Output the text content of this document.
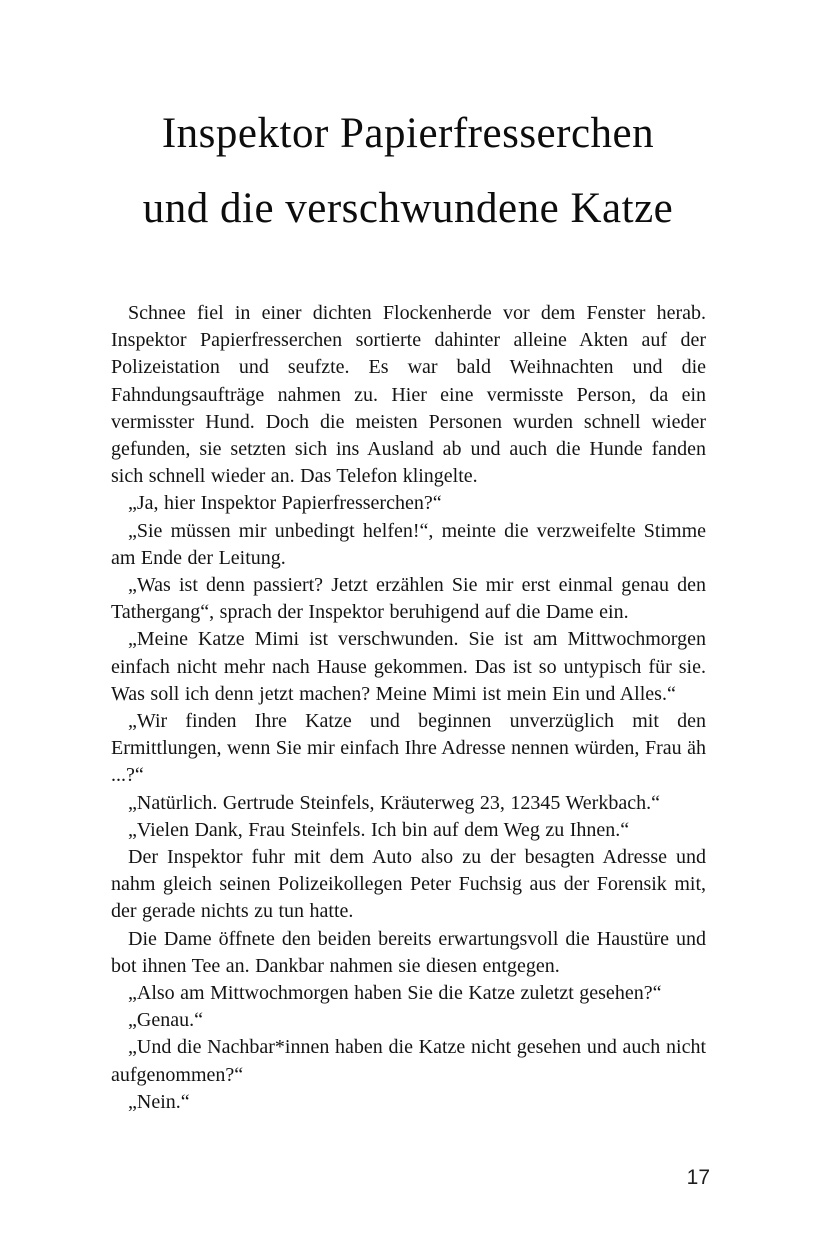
Inspektor Papierfresserchen
und die verschwundene Katze

Schnee fiel in einer dichten Flockenherde vor dem Fenster herab. Inspektor Papierfresserchen sortierte dahinter alleine Akten auf der Polizeistation und seufzte. Es war bald Weihnachten und die Fahndungsaufträge nahmen zu. Hier eine vermisste Person, da ein vermisster Hund. Doch die meisten Personen wurden schnell wieder gefunden, sie setzten sich ins Ausland ab und auch die Hunde fanden sich schnell wieder an. Das Telefon klingelte.

„Ja, hier Inspektor Papierfresserchen?“

„Sie müssen mir unbedingt helfen!“, meinte die verzweifelte Stimme am Ende der Leitung.

„Was ist denn passiert? Jetzt erzählen Sie mir erst einmal genau den Tathergang“, sprach der Inspektor beruhigend auf die Dame ein.

„Meine Katze Mimi ist verschwunden. Sie ist am Mittwochmorgen einfach nicht mehr nach Hause gekommen. Das ist so untypisch für sie. Was soll ich denn jetzt machen? Meine Mimi ist mein Ein und Alles.“

„Wir finden Ihre Katze und beginnen unverzüglich mit den Ermittlungen, wenn Sie mir einfach Ihre Adresse nennen würden, Frau äh ...?“

„Natürlich. Gertrude Steinfels, Kräuterweg 23, 12345 Werkbach.“

„Vielen Dank, Frau Steinfels. Ich bin auf dem Weg zu Ihnen.“

Der Inspektor fuhr mit dem Auto also zu der besagten Adresse und nahm gleich seinen Polizeikollegen Peter Fuchsig aus der Forensik mit, der gerade nichts zu tun hatte.

Die Dame öffnete den beiden bereits erwartungsvoll die Haustüre und bot ihnen Tee an. Dankbar nahmen sie diesen entgegen.

„Also am Mittwochmorgen haben Sie die Katze zuletzt gesehen?“

„Genau.“

„Und die Nachbar*innen haben die Katze nicht gesehen und auch nicht aufgenommen?“

„Nein.“

17
